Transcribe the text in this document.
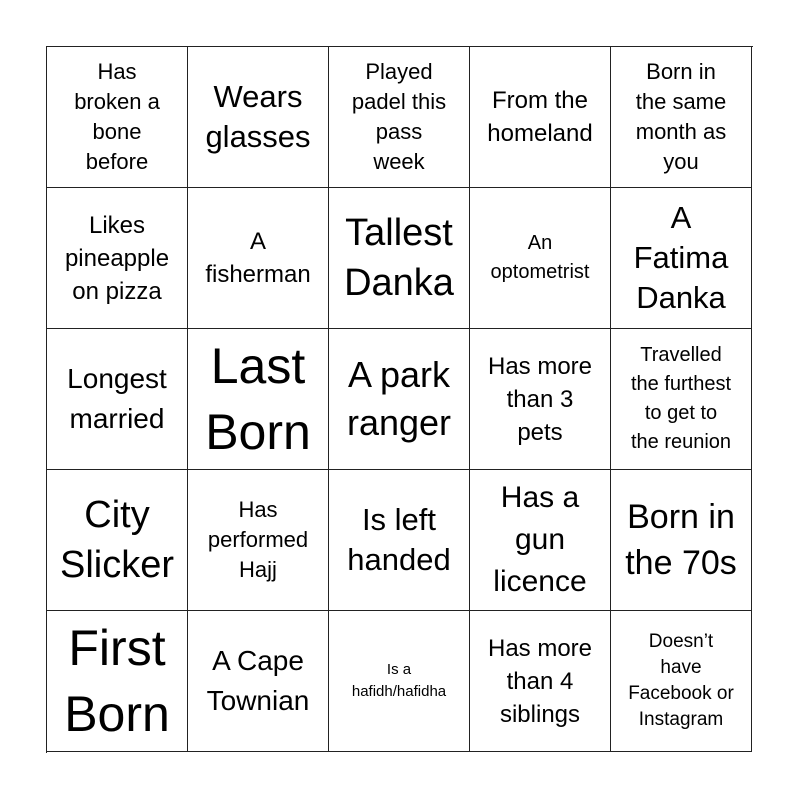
Has
broken a
bone
before
Wears
glasses
Played
padel this
pass
week
From the
homeland
Born in
the same
month as
you
Likes
pineapple
on pizza
A
fisherman
Tallest
Danka
An
optometrist
A
Fatima
Danka
Longest
married
Last
Born
A park
ranger
Has more
than 3
pets
Travelled
the furthest
to get to
the reunion
City
Slicker
Has
performed
Hajj
Is left
handed
Has a
gun
licence
Born in
the 70s
First
Born
A Cape
Townian
Is a
hafidh/hafidha
Has more
than 4
siblings
Doesn’t
have
Facebook or
Instagram
